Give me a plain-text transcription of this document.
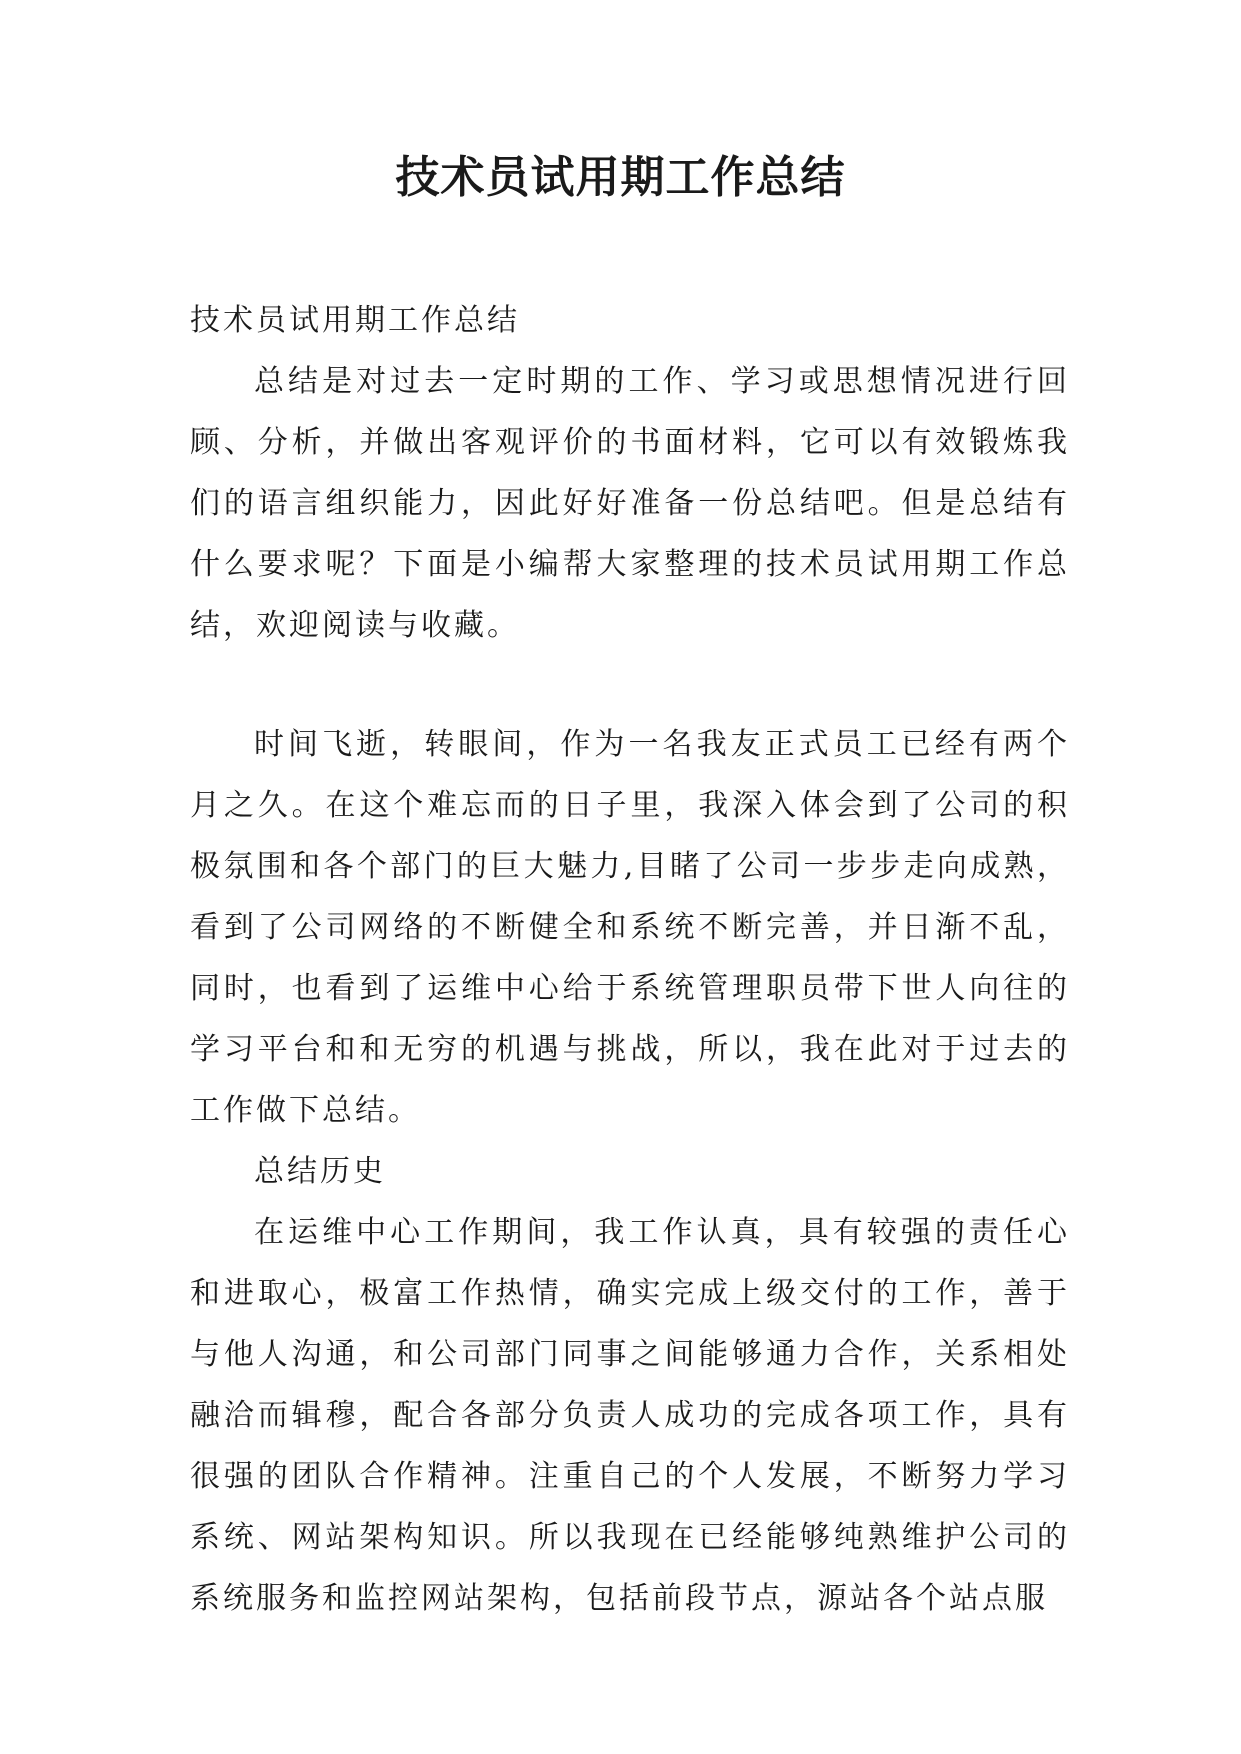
技术员试用期工作总结

技术员试用期工作总结

总结是对过去一定时期的工作、学习或思想情况进行回顾、分析，并做出客观评价的书面材料，它可以有效锻炼我们的语言组织能力，因此好好准备一份总结吧。但是总结有什么要求呢？下面是小编帮大家整理的技术员试用期工作总结，欢迎阅读与收藏。

时间飞逝，转眼间，作为一名我友正式员工已经有两个月之久。在这个难忘而的日子里，我深入体会到了公司的积极氛围和各个部门的巨大魅力,目睹了公司一步步走向成熟，看到了公司网络的不断健全和系统不断完善，并日渐不乱，同时，也看到了运维中心给于系统管理职员带下世人向往的学习平台和和无穷的机遇与挑战，所以，我在此对于过去的工作做下总结。

总结历史

在运维中心工作期间，我工作认真，具有较强的责任心和进取心，极富工作热情，确实完成上级交付的工作，善于与他人沟通，和公司部门同事之间能够通力合作，关系相处融洽而辑穆，配合各部分负责人成功的完成各项工作，具有很强的团队合作精神。注重自己的个人发展，不断努力学习系统、网站架构知识。所以我现在已经能够纯熟维护公司的系统服务和监控网站架构，包括前段节点，源站各个站点服
